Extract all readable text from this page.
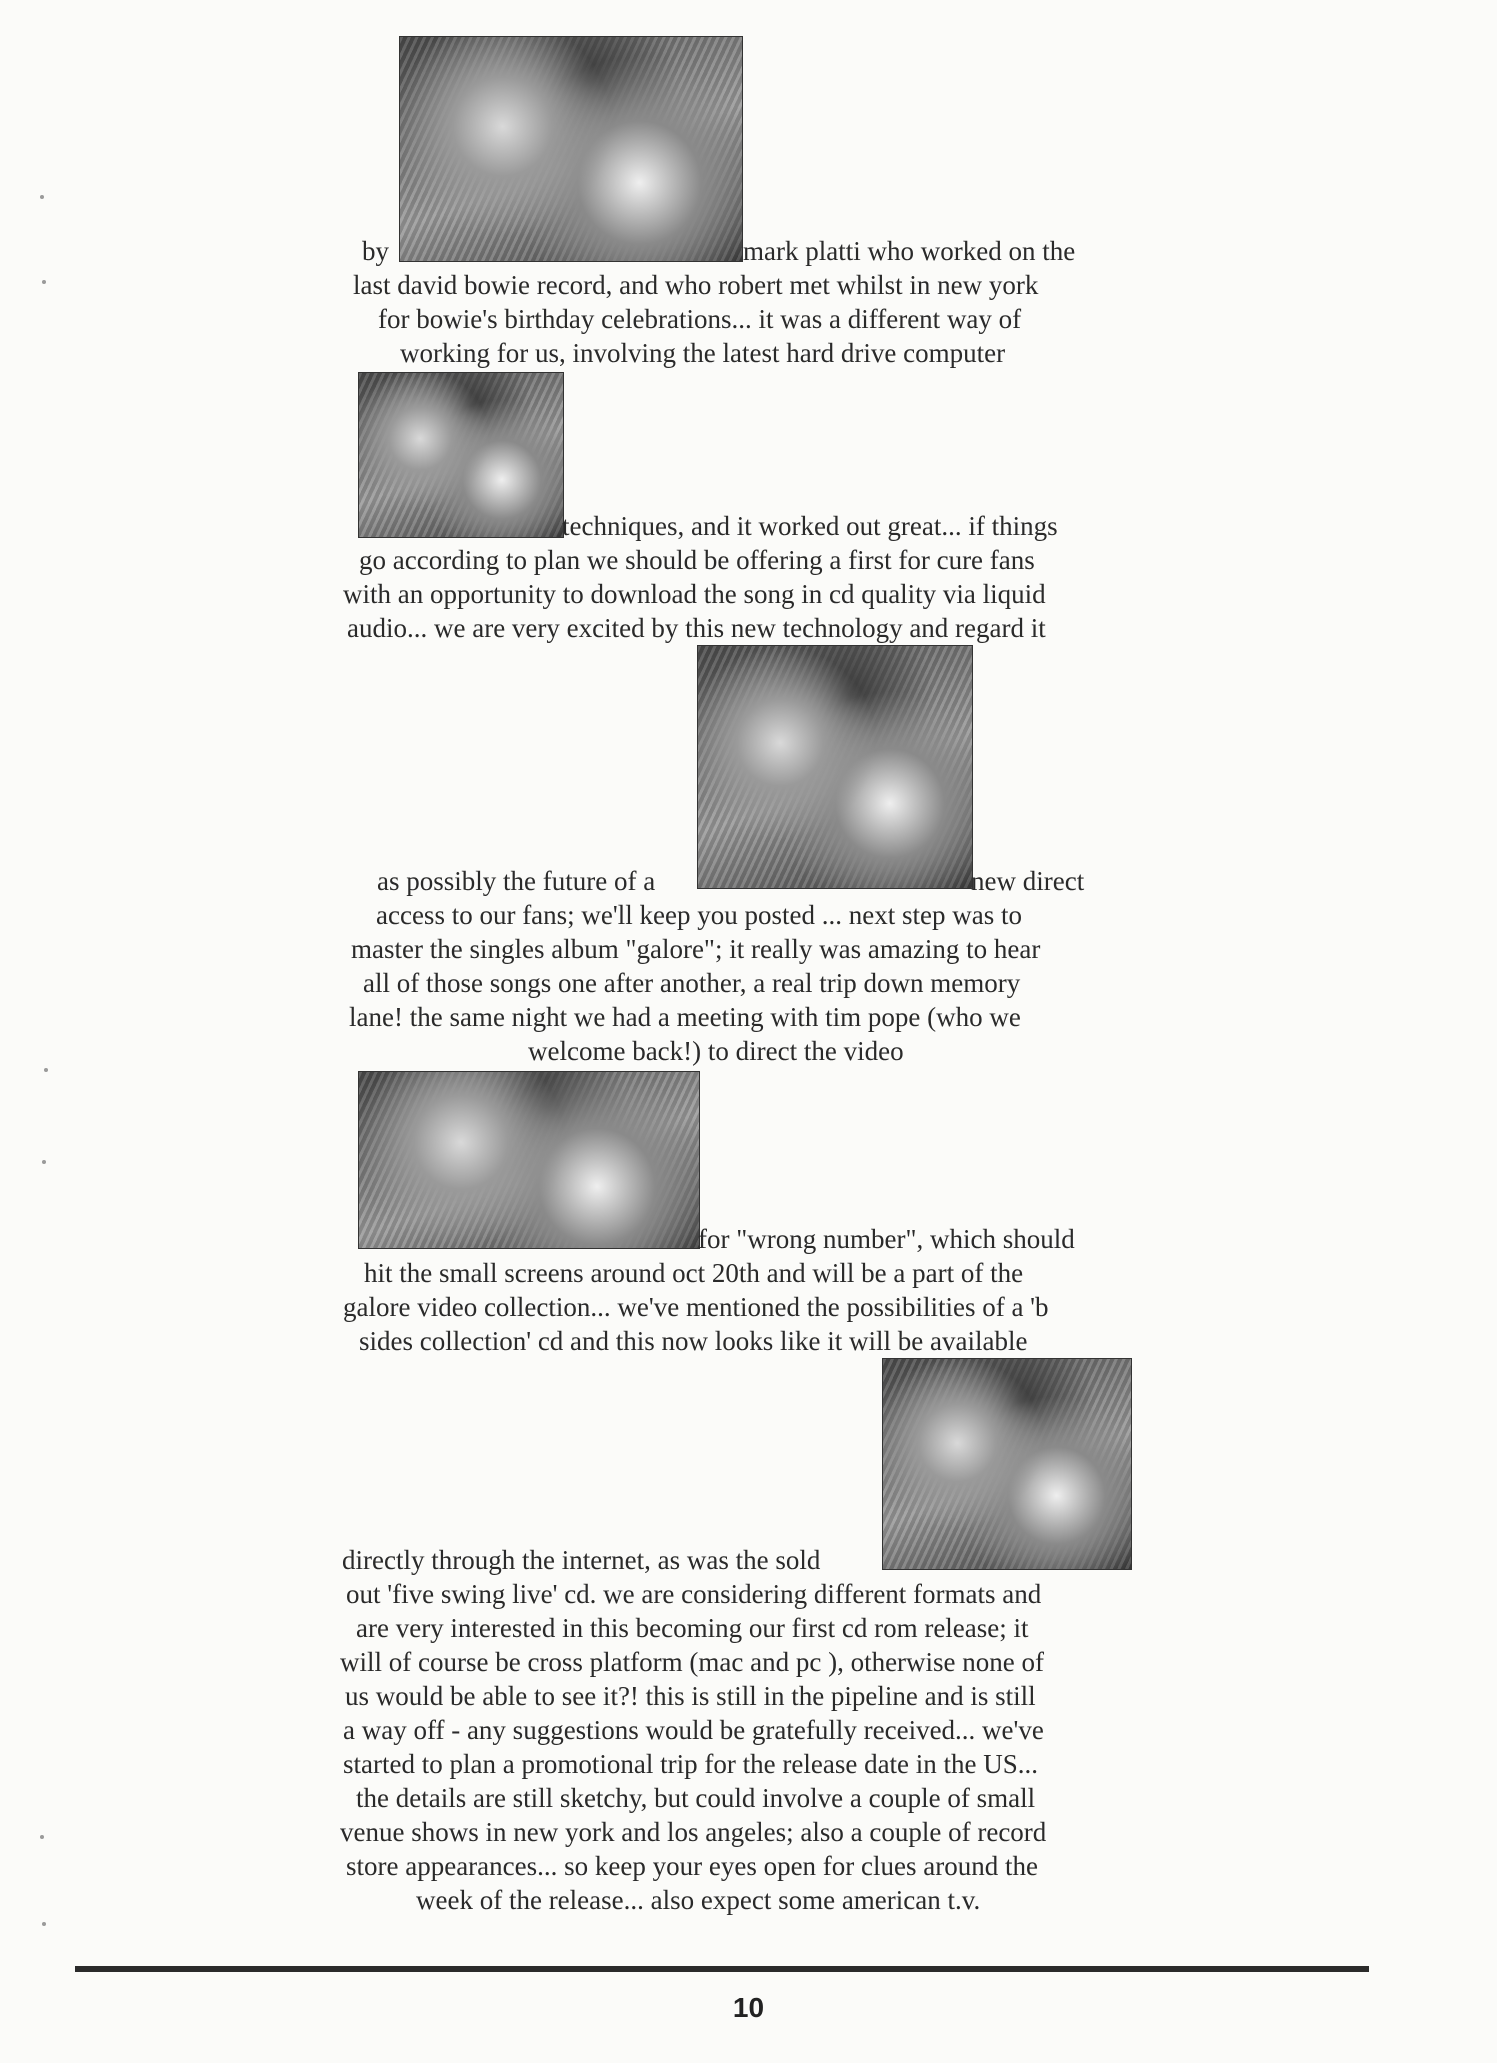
by	mark platti who worked on the
last david bowie record, and who robert met whilst in new york
for bowie's birthday celebrations... it was a different way of
working for us, involving the latest hard drive computer
techniques, and it worked out great... if things
go according to plan we should be offering a first for cure fans
with an opportunity to download the song in cd quality via liquid
audio... we are very excited by this new technology and regard it
as possibly the future of a	new direct
access to our fans; we'll keep you posted ... next step was to
master the singles album "galore"; it really was amazing to hear
all of those songs one after another, a real trip down memory
lane! the same night we had a meeting with tim pope (who we
welcome back!) to direct the video
for "wrong number", which should
hit the small screens around oct 20th and will be a part of the
galore video collection... we've mentioned the possibilities of a 'b
sides collection' cd and this now looks like it will be available
directly through the internet, as was the sold
out 'five swing live' cd. we are considering different formats and
are very interested in this becoming our first cd rom release; it
will of course be cross platform (mac and pc ), otherwise none of
us would be able to see it?! this is still in the pipeline and is still
a way off - any suggestions would be gratefully received... we've
started to plan a promotional trip for the release date in the US...
the details are still sketchy, but could involve a couple of small
venue shows in new york and los angeles; also a couple of record
store appearances... so keep your eyes open for clues around the
week of the release... also expect some american t.v.
10
